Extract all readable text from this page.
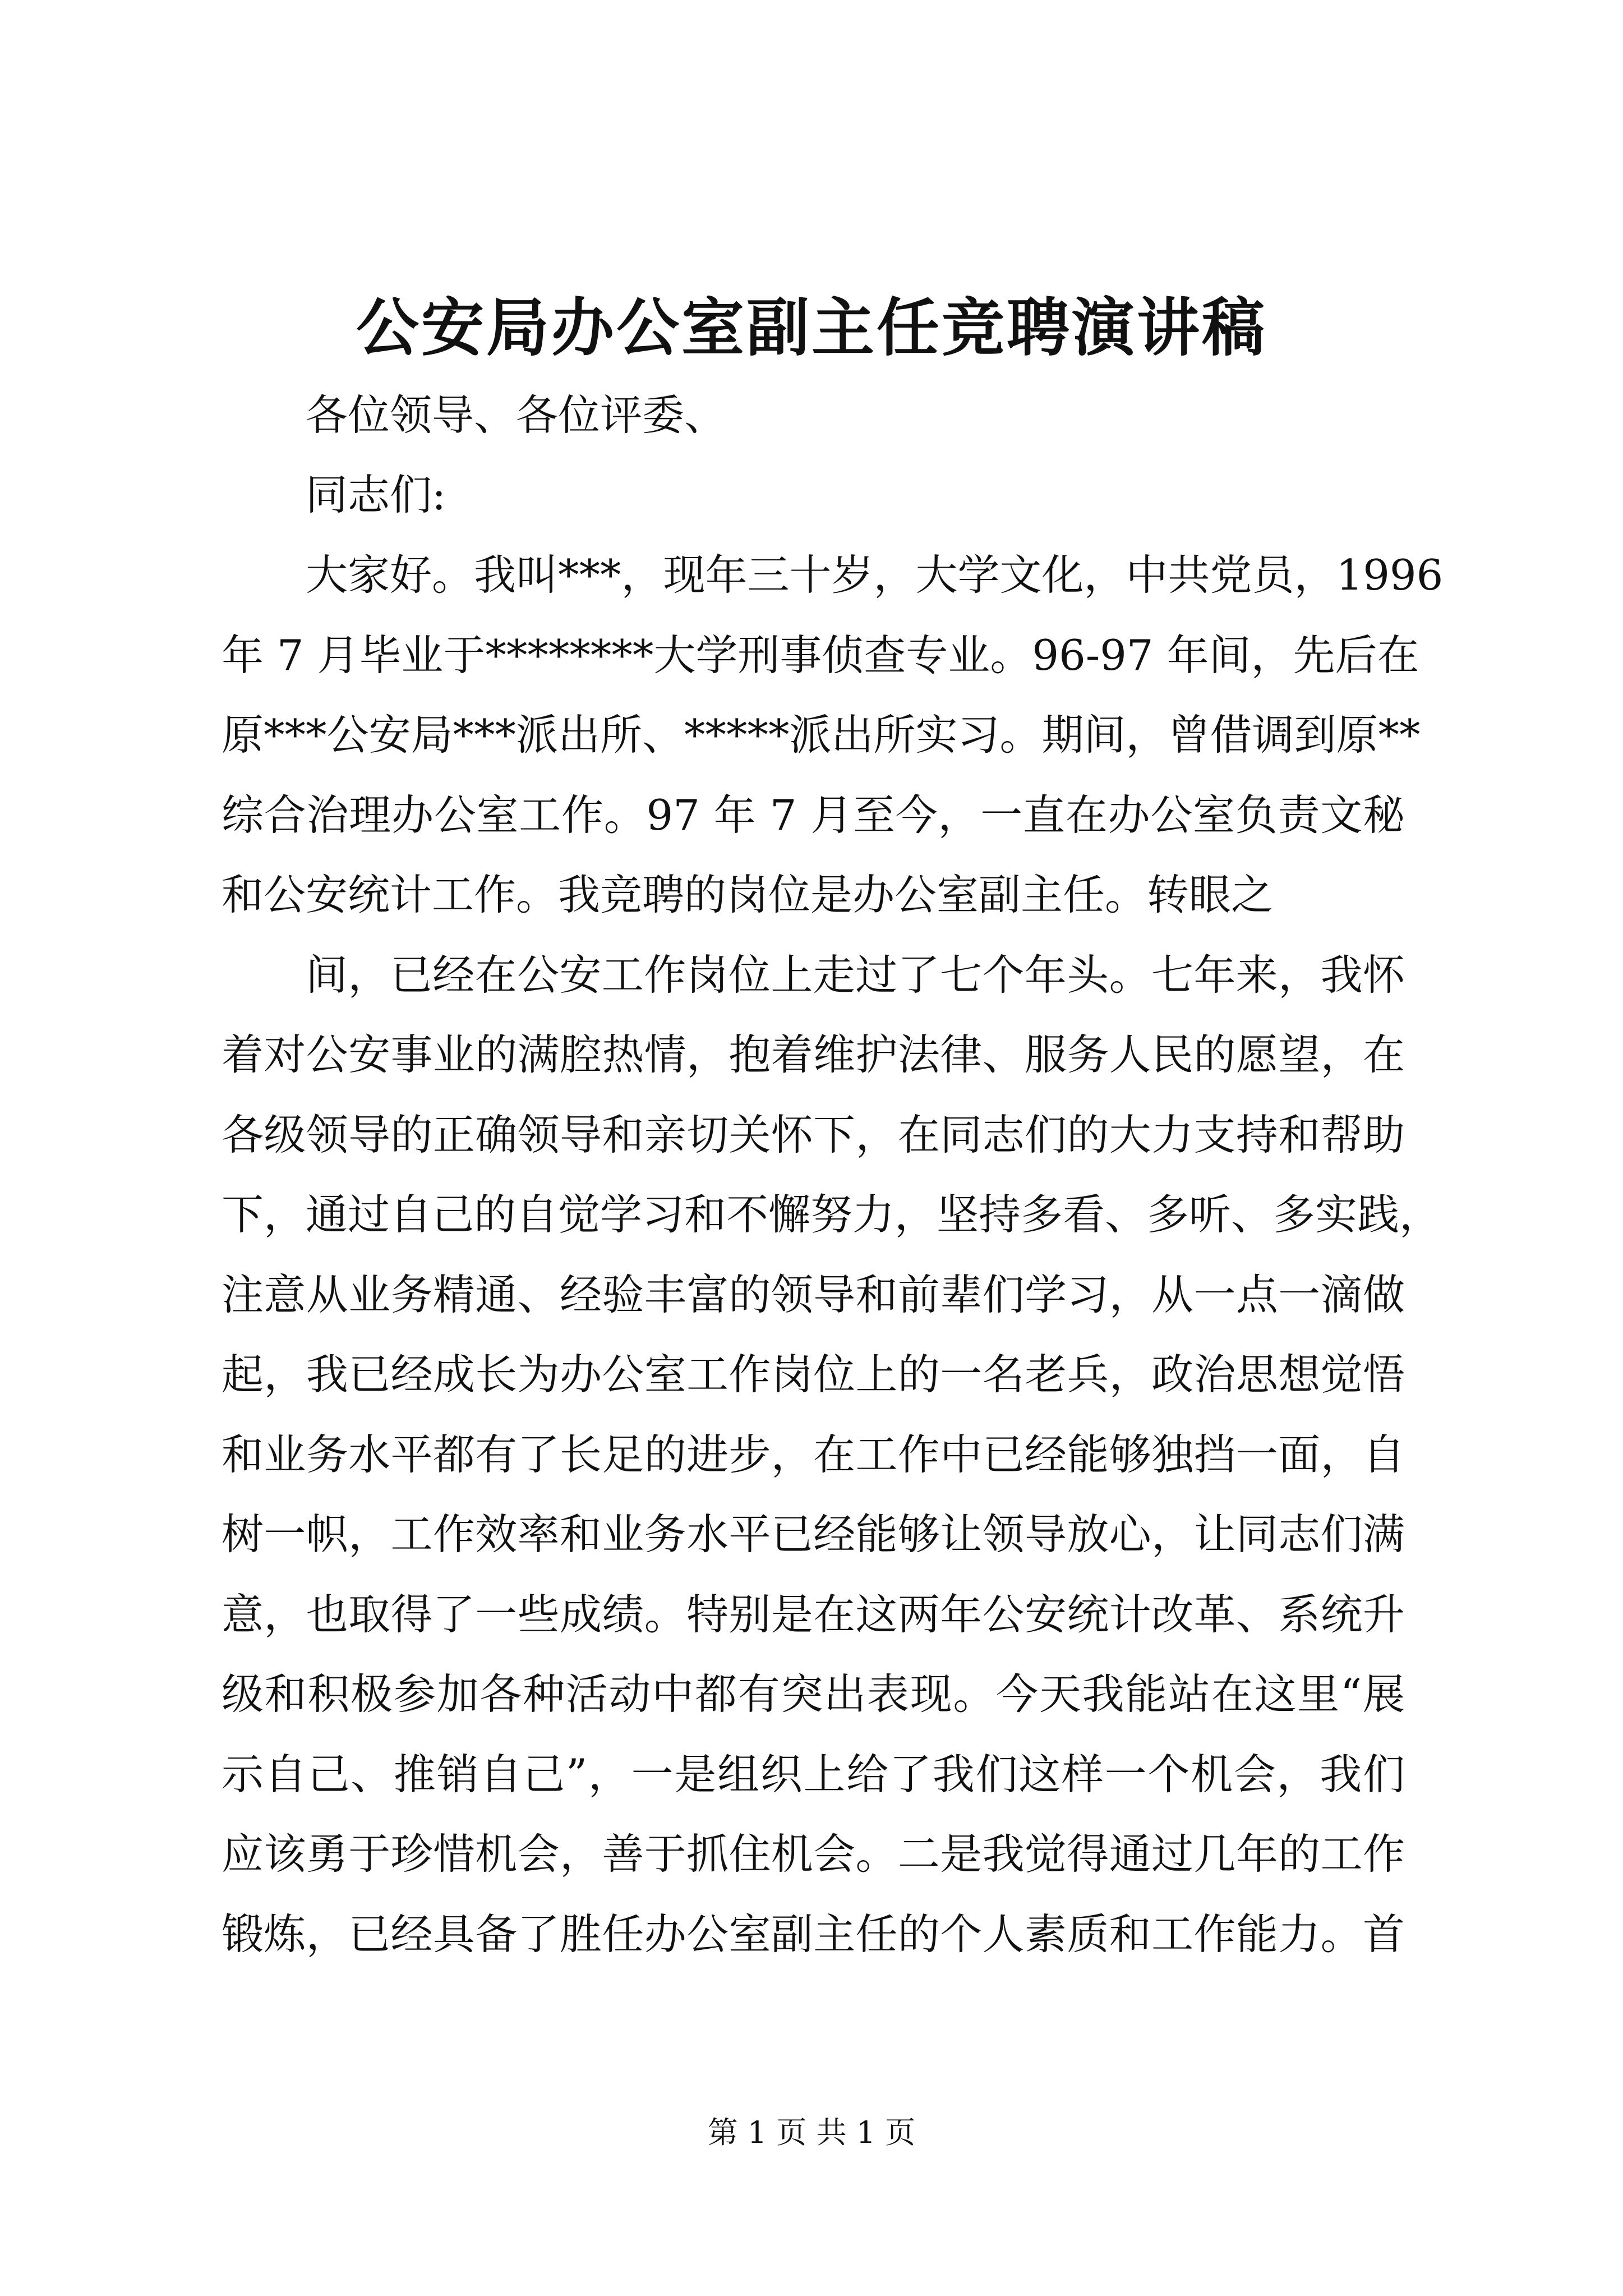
公安局办公室副主任竞聘演讲稿
各位领导、各位评委、
同志们:
大家好。我叫***，现年三十岁，大学文化，中共党员，1996
年 7 月毕业于********大学刑事侦查专业。96-97 年间，先后在
原***公安局***派出所、*****派出所实习。期间，曾借调到原**
综合治理办公室工作。97 年 7 月至今，一直在办公室负责文秘
和公安统计工作。我竞聘的岗位是办公室副主任。转眼之
间，已经在公安工作岗位上走过了七个年头。七年来，我怀
着对公安事业的满腔热情，抱着维护法律、服务人民的愿望，在
各级领导的正确领导和亲切关怀下，在同志们的大力支持和帮助
下，通过自己的自觉学习和不懈努力，坚持多看、多听、多实践，
注意从业务精通、经验丰富的领导和前辈们学习，从一点一滴做
起，我已经成长为办公室工作岗位上的一名老兵，政治思想觉悟
和业务水平都有了长足的进步，在工作中已经能够独挡一面，自
树一帜，工作效率和业务水平已经能够让领导放心，让同志们满
意，也取得了一些成绩。特别是在这两年公安统计改革、系统升
级和积极参加各种活动中都有突出表现。今天我能站在这里“展
示自己、推销自己”，一是组织上给了我们这样一个机会，我们
应该勇于珍惜机会，善于抓住机会。二是我觉得通过几年的工作
锻炼，已经具备了胜任办公室副主任的个人素质和工作能力。首
第 1 页 共 1 页
